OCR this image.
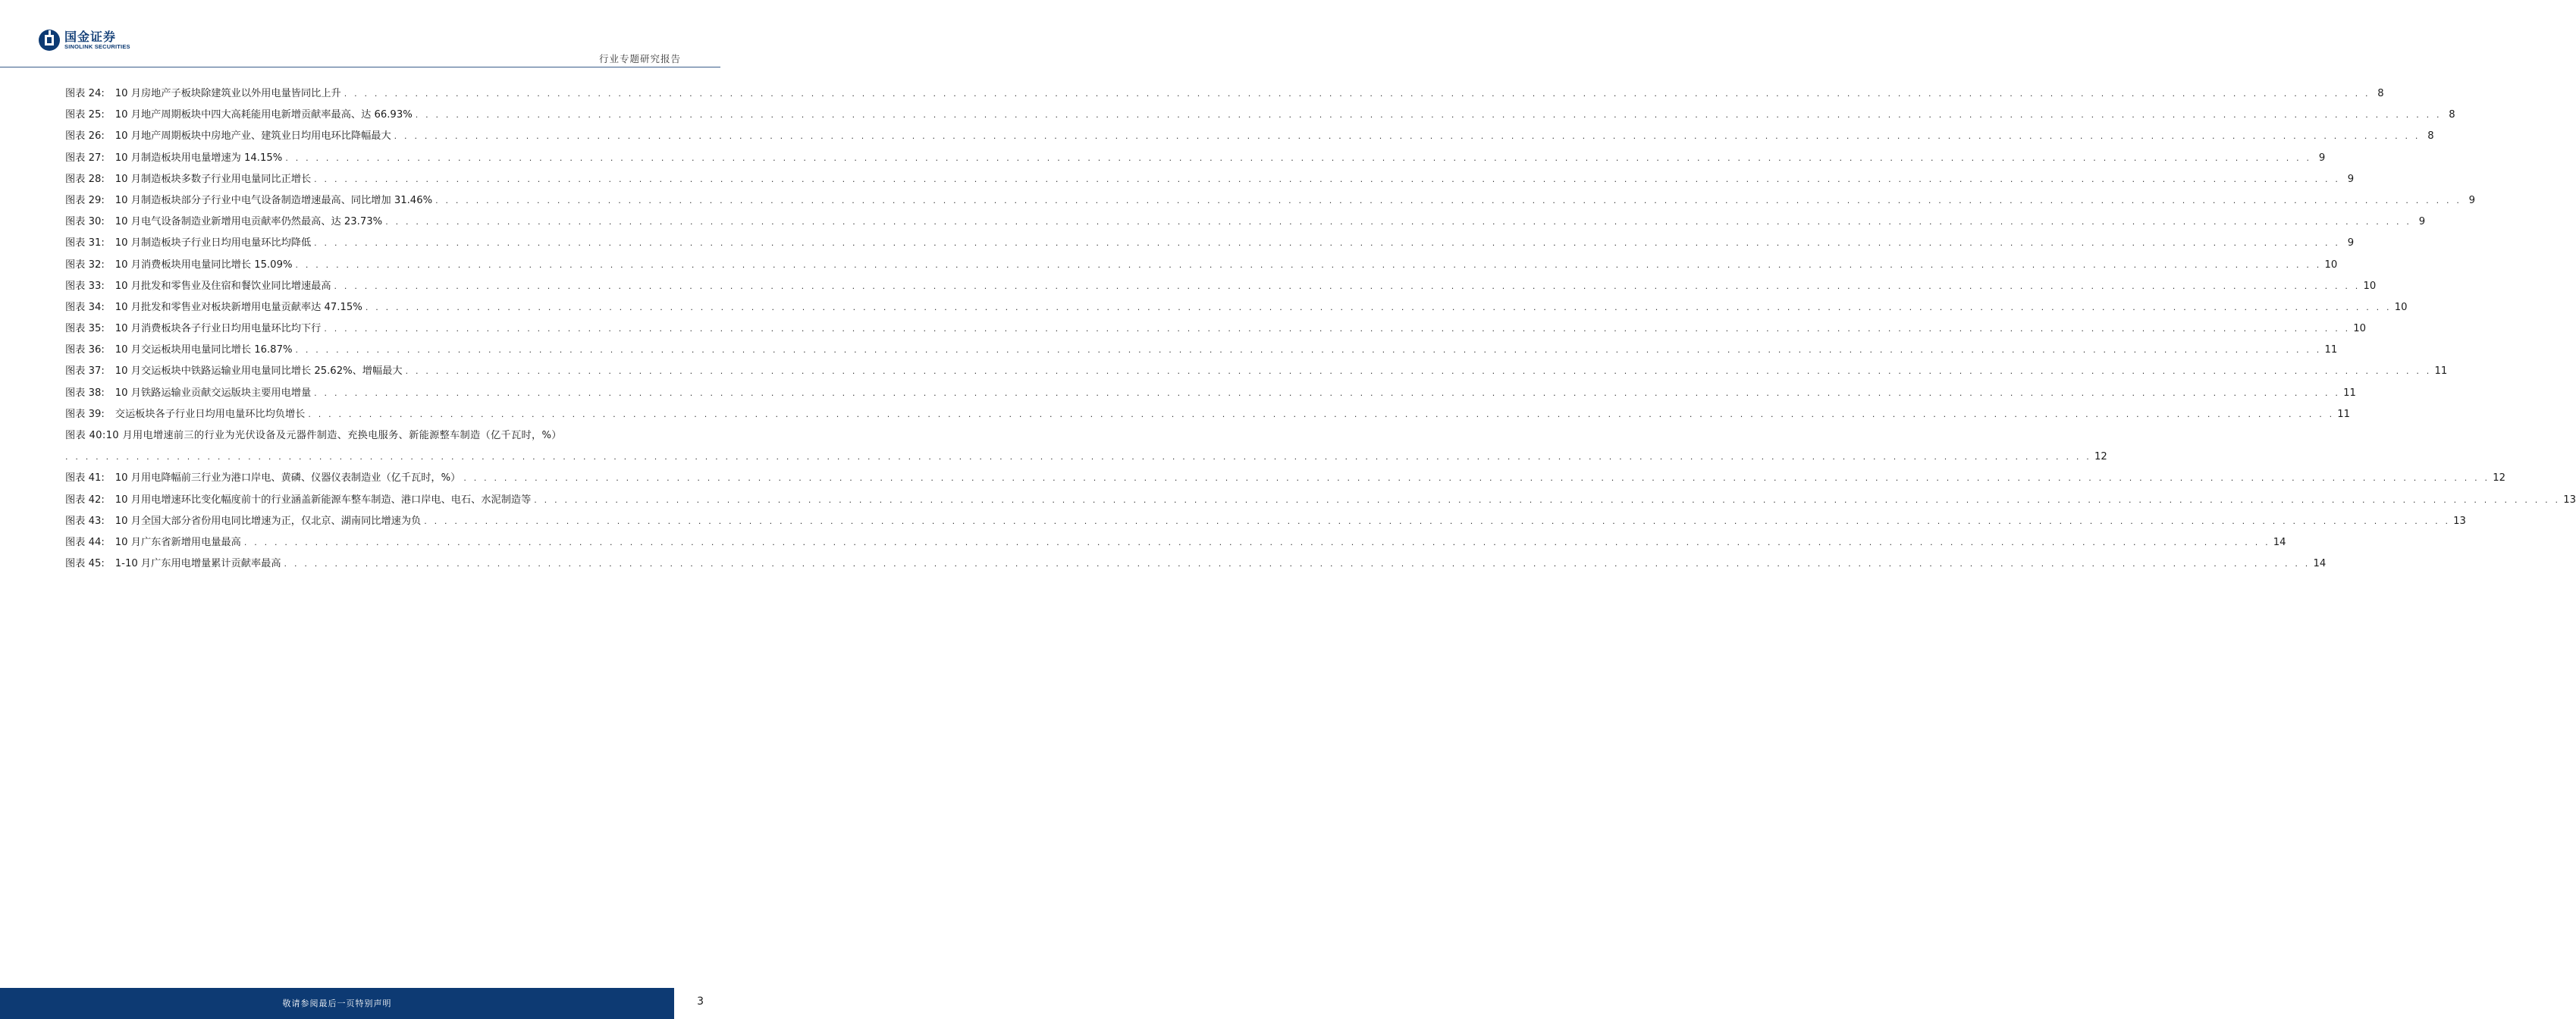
国金证券
SINOLINK SECURITIES
行业专题研究报告
图表 24: 10 月房地产子板块除建筑业以外用电量皆同比上升 . . . . . . . . . . . . . . . . . . . . . . . . . . . . . . . . . . . . . . . . . . . . . . . . . . . . . . . . . . . . . . . . . . . . . . . . . . . . . . . . . . . . . . . . . . . . . . . . . . . . . . . . . . . . . . . . . . . . . . . . . . . . . . . . . . . . . . . . . . . . . . . . . . . . . . . . . . . . . . . . . . . . . . . . . . . . . . . . . . . . . . . . . . . . . . . . . . . . . . . . 8
图表 25: 10 月地产周期板块中四大高耗能用电新增贡献率最高、达 66.93% . . . . . . . . . . . . . . . . . . . . . . . . . . . . . . . . . . . . . . . . . . . . . . . . . . . . . . . . . . . . . . . . . . . . . . . . . . . . . . . . . . . . . . . . . . . . . . . . . . . . . . . . . . . . . . . . . . . . . . . . . . . . . . . . . . . . . . . . . . . . . . . . . . . . . . . . . . . . . . . . . . . . . . . . . . . . . . . . . . . . . . . . . . . . . . . . . . . . . . . . 8
图表 26: 10 月地产周期板块中房地产业、建筑业日均用电环比降幅最大 . . . . . . . . . . . . . . . . . . . . . . . . . . . . . . . . . . . . . . . . . . . . . . . . . . . . . . . . . . . . . . . . . . . . . . . . . . . . . . . . . . . . . . . . . . . . . . . . . . . . . . . . . . . . . . . . . . . . . . . . . . . . . . . . . . . . . . . . . . . . . . . . . . . . . . . . . . . . . . . . . . . . . . . . . . . . . . . . . . . . . . . . . . . . . . . . . . . . . . . . 8
图表 27: 10 月制造板块用电量增速为 14.15% . . . . . . . . . . . . . . . . . . . . . . . . . . . . . . . . . . . . . . . . . . . . . . . . . . . . . . . . . . . . . . . . . . . . . . . . . . . . . . . . . . . . . . . . . . . . . . . . . . . . . . . . . . . . . . . . . . . . . . . . . . . . . . . . . . . . . . . . . . . . . . . . . . . . . . . . . . . . . . . . . . . . . . . . . . . . . . . . . . . . . . . . . . . . . . . . . . . . . . . . 9
图表 28: 10 月制造板块多数子行业用电量同比正增长 . . . . . . . . . . . . . . . . . . . . . . . . . . . . . . . . . . . . . . . . . . . . . . . . . . . . . . . . . . . . . . . . . . . . . . . . . . . . . . . . . . . . . . . . . . . . . . . . . . . . . . . . . . . . . . . . . . . . . . . . . . . . . . . . . . . . . . . . . . . . . . . . . . . . . . . . . . . . . . . . . . . . . . . . . . . . . . . . . . . . . . . . . . . . . . . . . . . . . . . . 9
图表 29: 10 月制造板块部分子行业中电气设备制造增速最高、同比增加 31.46% . . . . . . . . . . . . . . . . . . . . . . . . . . . . . . . . . . . . . . . . . . . . . . . . . . . . . . . . . . . . . . . . . . . . . . . . . . . . . . . . . . . . . . . . . . . . . . . . . . . . . . . . . . . . . . . . . . . . . . . . . . . . . . . . . . . . . . . . . . . . . . . . . . . . . . . . . . . . . . . . . . . . . . . . . . . . . . . . . . . . . . . . . . . . . . . . . . . . . . . . 9
图表 30: 10 月电气设备制造业新增用电贡献率仍然最高、达 23.73% . . . . . . . . . . . . . . . . . . . . . . . . . . . . . . . . . . . . . . . . . . . . . . . . . . . . . . . . . . . . . . . . . . . . . . . . . . . . . . . . . . . . . . . . . . . . . . . . . . . . . . . . . . . . . . . . . . . . . . . . . . . . . . . . . . . . . . . . . . . . . . . . . . . . . . . . . . . . . . . . . . . . . . . . . . . . . . . . . . . . . . . . . . . . . . . . . . . . . . . . 9
图表 31: 10 月制造板块子行业日均用电量环比均降低 . . . . . . . . . . . . . . . . . . . . . . . . . . . . . . . . . . . . . . . . . . . . . . . . . . . . . . . . . . . . . . . . . . . . . . . . . . . . . . . . . . . . . . . . . . . . . . . . . . . . . . . . . . . . . . . . . . . . . . . . . . . . . . . . . . . . . . . . . . . . . . . . . . . . . . . . . . . . . . . . . . . . . . . . . . . . . . . . . . . . . . . . . . . . . . . . . . . . . . . . 9
图表 32: 10 月消费板块用电量同比增长 15.09% . . . . . . . . . . . . . . . . . . . . . . . . . . . . . . . . . . . . . . . . . . . . . . . . . . . . . . . . . . . . . . . . . . . . . . . . . . . . . . . . . . . . . . . . . . . . . . . . . . . . . . . . . . . . . . . . . . . . . . . . . . . . . . . . . . . . . . . . . . . . . . . . . . . . . . . . . . . . . . . . . . . . . . . . . . . . . . . . . . . . . . . . . . . . . . . . . . . . . . . . 10
图表 33: 10 月批发和零售业及住宿和餐饮业同比增速最高 . . . . . . . . . . . . . . . . . . . . . . . . . . . . . . . . . . . . . . . . . . . . . . . . . . . . . . . . . . . . . . . . . . . . . . . . . . . . . . . . . . . . . . . . . . . . . . . . . . . . . . . . . . . . . . . . . . . . . . . . . . . . . . . . . . . . . . . . . . . . . . . . . . . . . . . . . . . . . . . . . . . . . . . . . . . . . . . . . . . . . . . . . . . . . . . . . . . . . . . . 10
图表 34: 10 月批发和零售业对板块新增用电量贡献率达 47.15% . . . . . . . . . . . . . . . . . . . . . . . . . . . . . . . . . . . . . . . . . . . . . . . . . . . . . . . . . . . . . . . . . . . . . . . . . . . . . . . . . . . . . . . . . . . . . . . . . . . . . . . . . . . . . . . . . . . . . . . . . . . . . . . . . . . . . . . . . . . . . . . . . . . . . . . . . . . . . . . . . . . . . . . . . . . . . . . . . . . . . . . . . . . . . . . . . . . . . . . . 10
图表 35: 10 月消费板块各子行业日均用电量环比均下行 . . . . . . . . . . . . . . . . . . . . . . . . . . . . . . . . . . . . . . . . . . . . . . . . . . . . . . . . . . . . . . . . . . . . . . . . . . . . . . . . . . . . . . . . . . . . . . . . . . . . . . . . . . . . . . . . . . . . . . . . . . . . . . . . . . . . . . . . . . . . . . . . . . . . . . . . . . . . . . . . . . . . . . . . . . . . . . . . . . . . . . . . . . . . . . . . . . . . . . . . 10
图表 36: 10 月交运板块用电量同比增长 16.87% . . . . . . . . . . . . . . . . . . . . . . . . . . . . . . . . . . . . . . . . . . . . . . . . . . . . . . . . . . . . . . . . . . . . . . . . . . . . . . . . . . . . . . . . . . . . . . . . . . . . . . . . . . . . . . . . . . . . . . . . . . . . . . . . . . . . . . . . . . . . . . . . . . . . . . . . . . . . . . . . . . . . . . . . . . . . . . . . . . . . . . . . . . . . . . . . . . . . . . . . 11
图表 37: 10 月交运板块中铁路运输业用电量同比增长 25.62%、增幅最大 . . . . . . . . . . . . . . . . . . . . . . . . . . . . . . . . . . . . . . . . . . . . . . . . . . . . . . . . . . . . . . . . . . . . . . . . . . . . . . . . . . . . . . . . . . . . . . . . . . . . . . . . . . . . . . . . . . . . . . . . . . . . . . . . . . . . . . . . . . . . . . . . . . . . . . . . . . . . . . . . . . . . . . . . . . . . . . . . . . . . . . . . . . . . . . . . . . . . . . . . 11
图表 38: 10 月铁路运输业贡献交运版块主要用电增量 . . . . . . . . . . . . . . . . . . . . . . . . . . . . . . . . . . . . . . . . . . . . . . . . . . . . . . . . . . . . . . . . . . . . . . . . . . . . . . . . . . . . . . . . . . . . . . . . . . . . . . . . . . . . . . . . . . . . . . . . . . . . . . . . . . . . . . . . . . . . . . . . . . . . . . . . . . . . . . . . . . . . . . . . . . . . . . . . . . . . . . . . . . . . . . . . . . . . . . . . 11
图表 39: 交运板块各子行业日均用电量环比均负增长 . . . . . . . . . . . . . . . . . . . . . . . . . . . . . . . . . . . . . . . . . . . . . . . . . . . . . . . . . . . . . . . . . . . . . . . . . . . . . . . . . . . . . . . . . . . . . . . . . . . . . . . . . . . . . . . . . . . . . . . . . . . . . . . . . . . . . . . . . . . . . . . . . . . . . . . . . . . . . . . . . . . . . . . . . . . . . . . . . . . . . . . . . . . . . . . . . . . . . . . . 11
图表 40:10 月用电增速前三的行业为光伏设备及元器件制造、充换电服务、新能源整车制造（亿千瓦时，%）
. . . . . . . . . . . . . . . . . . . . . . . . . . . . . . . . . . . . . . . . . . . . . . . . . . . . . . . . . . . . . . . . . . . . . . . . . . . . . . . . . . . . . . . . . . . . . . . . . . . . . . . . . . . . . . . . . . . . . . . . . . . . . . . . . . . . . . . . . . . . . . . . . . . . . . . . . . . . . . . . . . . . . . . . . . . . . . . . . . . . . . . . . . . . . . . . . . . . . . . . 12
图表 41: 10 月用电降幅前三行业为港口岸电、黄磷、仪器仪表制造业（亿千瓦时，%） . . . . . . . . . . . . . . . . . . . . . . . . . . . . . . . . . . . . . . . . . . . . . . . . . . . . . . . . . . . . . . . . . . . . . . . . . . . . . . . . . . . . . . . . . . . . . . . . . . . . . . . . . . . . . . . . . . . . . . . . . . . . . . . . . . . . . . . . . . . . . . . . . . . . . . . . . . . . . . . . . . . . . . . . . . . . . . . . . . . . . . . . . . . . . . . . . . . . . . . . 12
图表 42: 10 月用电增速环比变化幅度前十的行业涵盖新能源车整车制造、港口岸电、电石、水泥制造等 . . . . . . . . . . . . . . . . . . . . . . . . . . . . . . . . . . . . . . . . . . . . . . . . . . . . . . . . . . . . . . . . . . . . . . . . . . . . . . . . . . . . . . . . . . . . . . . . . . . . . . . . . . . . . . . . . . . . . . . . . . . . . . . . . . . . . . . . . . . . . . . . . . . . . . . . . . . . . . . . . . . . . . . . . . . . . . . . . . . . . . . . . . . . . . . . . . . . . . . . 13
图表 43: 10 月全国大部分省份用电同比增速为正，仅北京、湖南同比增速为负 . . . . . . . . . . . . . . . . . . . . . . . . . . . . . . . . . . . . . . . . . . . . . . . . . . . . . . . . . . . . . . . . . . . . . . . . . . . . . . . . . . . . . . . . . . . . . . . . . . . . . . . . . . . . . . . . . . . . . . . . . . . . . . . . . . . . . . . . . . . . . . . . . . . . . . . . . . . . . . . . . . . . . . . . . . . . . . . . . . . . . . . . . . . . . . . . . . . . . . . . 13
图表 44: 10 月广东省新增用电量最高 . . . . . . . . . . . . . . . . . . . . . . . . . . . . . . . . . . . . . . . . . . . . . . . . . . . . . . . . . . . . . . . . . . . . . . . . . . . . . . . . . . . . . . . . . . . . . . . . . . . . . . . . . . . . . . . . . . . . . . . . . . . . . . . . . . . . . . . . . . . . . . . . . . . . . . . . . . . . . . . . . . . . . . . . . . . . . . . . . . . . . . . . . . . . . . . . . . . . . . . . 14
图表 45: 1-10 月广东用电增量累计贡献率最高 . . . . . . . . . . . . . . . . . . . . . . . . . . . . . . . . . . . . . . . . . . . . . . . . . . . . . . . . . . . . . . . . . . . . . . . . . . . . . . . . . . . . . . . . . . . . . . . . . . . . . . . . . . . . . . . . . . . . . . . . . . . . . . . . . . . . . . . . . . . . . . . . . . . . . . . . . . . . . . . . . . . . . . . . . . . . . . . . . . . . . . . . . . . . . . . . . . . . . . . . 14
敬请参阅最后一页特别声明	3
